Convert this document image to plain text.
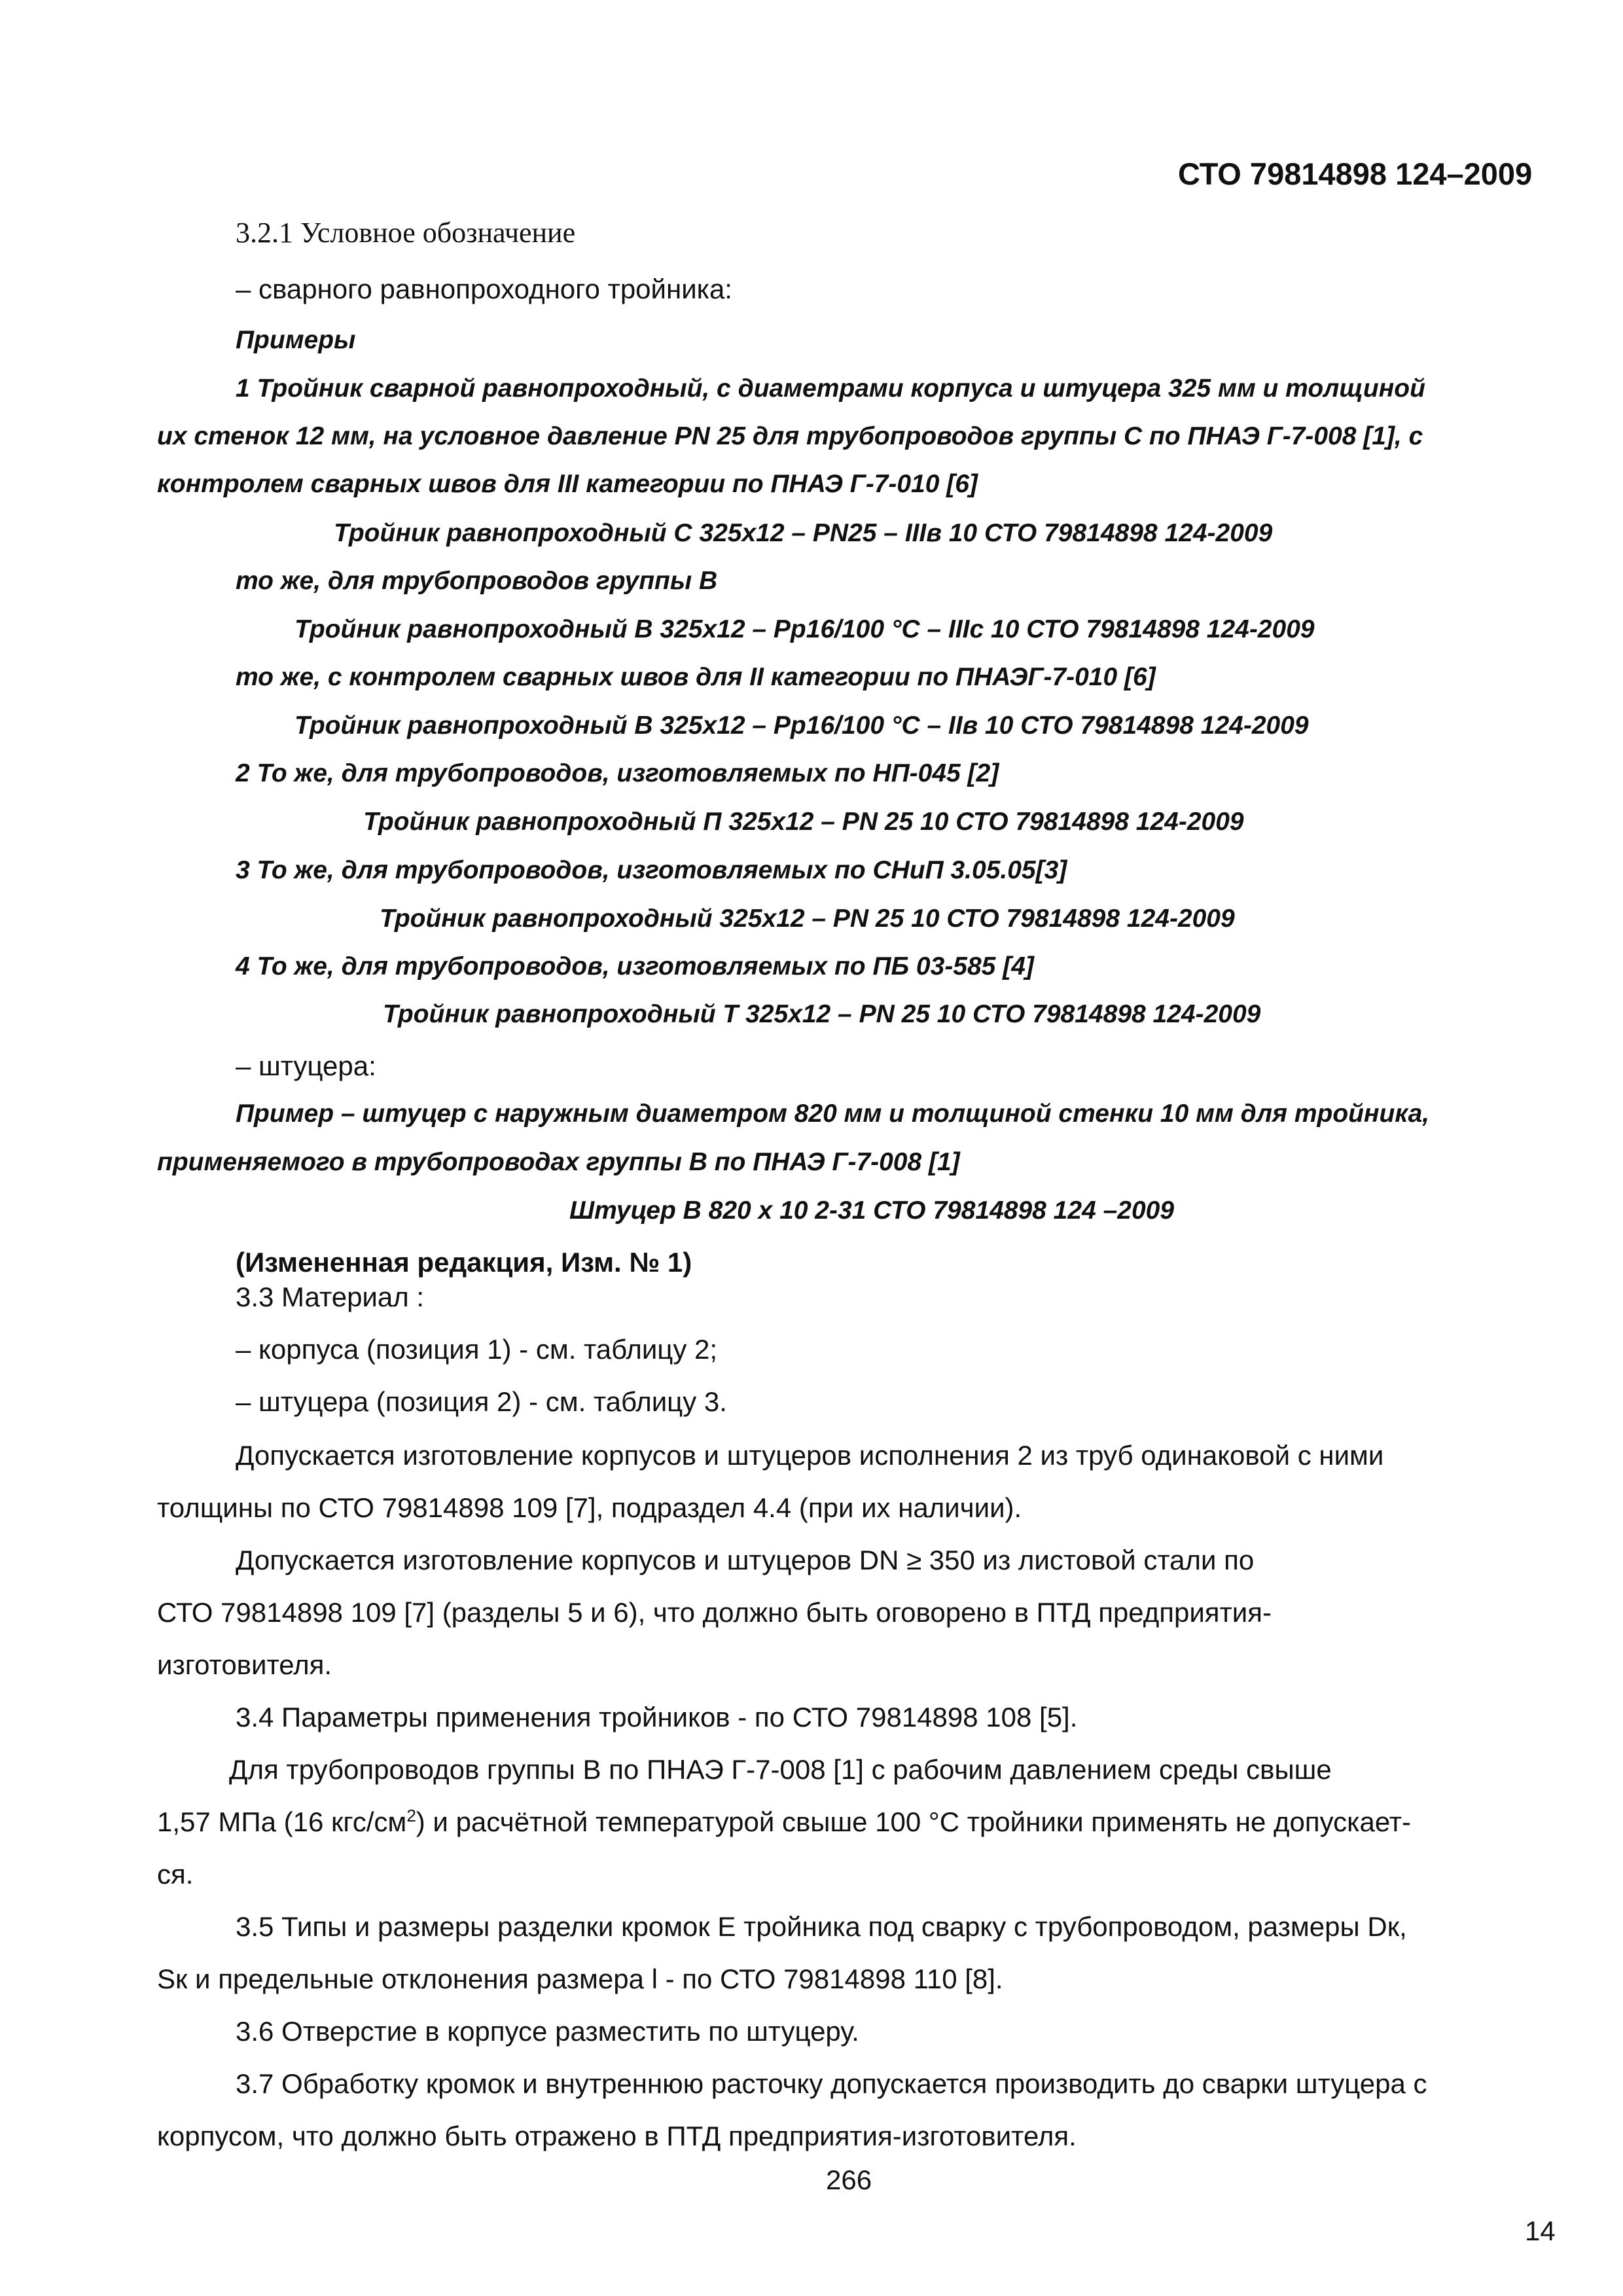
СТО 79814898 124–2009
3.2.1 Условное обозначение
– сварного равнопроходного тройника:
Примеры
1 Тройник сварной равнопроходный, с диаметрами корпуса и штуцера 325 мм и толщиной
их стенок 12 мм, на условное давление PN 25 для трубопроводов группы С по ПНАЭ Г-7-008 [1], с
контролем сварных швов для III категории по ПНАЭ Г-7-010 [6]
Тройник равнопроходный С 325х12 – PN25 – IIIв 10 СТО 79814898 124-2009
то же, для трубопроводов группы В
Тройник равнопроходный В 325х12 – Pp16/100 °С – IIIс 10 СТО 79814898 124-2009
то же, с контролем сварных швов для II категории по ПНАЭГ-7-010 [6]
Тройник равнопроходный В 325х12 – Pp16/100 °С – IIв 10 СТО 79814898 124-2009
2 То же, для трубопроводов, изготовляемых по НП-045 [2]
Тройник равнопроходный П 325х12 – PN 25 10 СТО 79814898 124-2009
3 То же, для трубопроводов, изготовляемых по СНиП 3.05.05[3]
Тройник равнопроходный 325х12 – PN 25 10 СТО 79814898 124-2009
4 То же, для трубопроводов, изготовляемых по ПБ 03-585 [4]
Тройник равнопроходный Т 325х12 – PN 25 10 СТО 79814898 124-2009
– штуцера:
Пример – штуцер с наружным диаметром 820 мм и толщиной стенки 10 мм для тройника,
применяемого в трубопроводах группы В по ПНАЭ Г-7-008 [1]
Штуцер В 820 х 10 2-31 СТО 79814898 124 –2009
(Измененная редакция, Изм. № 1)
3.3 Материал :
– корпуса (позиция 1) - см. таблицу 2;
– штуцера (позиция 2) - см. таблицу 3.
Допускается изготовление корпусов и штуцеров исполнения 2 из труб одинаковой с ними
толщины по СТО 79814898 109 [7], подраздел 4.4 (при их наличии).
Допускается изготовление корпусов и штуцеров DN ≥ 350 из листовой стали по
СТО 79814898 109 [7] (разделы 5 и 6), что должно быть оговорено в ПТД предприятия-
изготовителя.
3.4 Параметры применения тройников - по СТО 79814898 108 [5].
Для трубопроводов группы В по ПНАЭ Г-7-008 [1] с рабочим давлением среды свыше
1,57 МПа (16 кгс/$см^2$) и расчётной температурой свыше 100 °С тройники применять не допускает-
ся.
3.5 Типы и размеры разделки кромок E тройника под сварку с трубопроводом, размеры Dк,
Sк и предельные отклонения размера l - по СТО 79814898 110 [8].
3.6 Отверстие в корпусе разместить по штуцеру.
3.7 Обработку кромок и внутреннюю расточку допускается производить до сварки штуцера с
корпусом, что должно быть отражено в ПТД предприятия-изготовителя.
266
14
